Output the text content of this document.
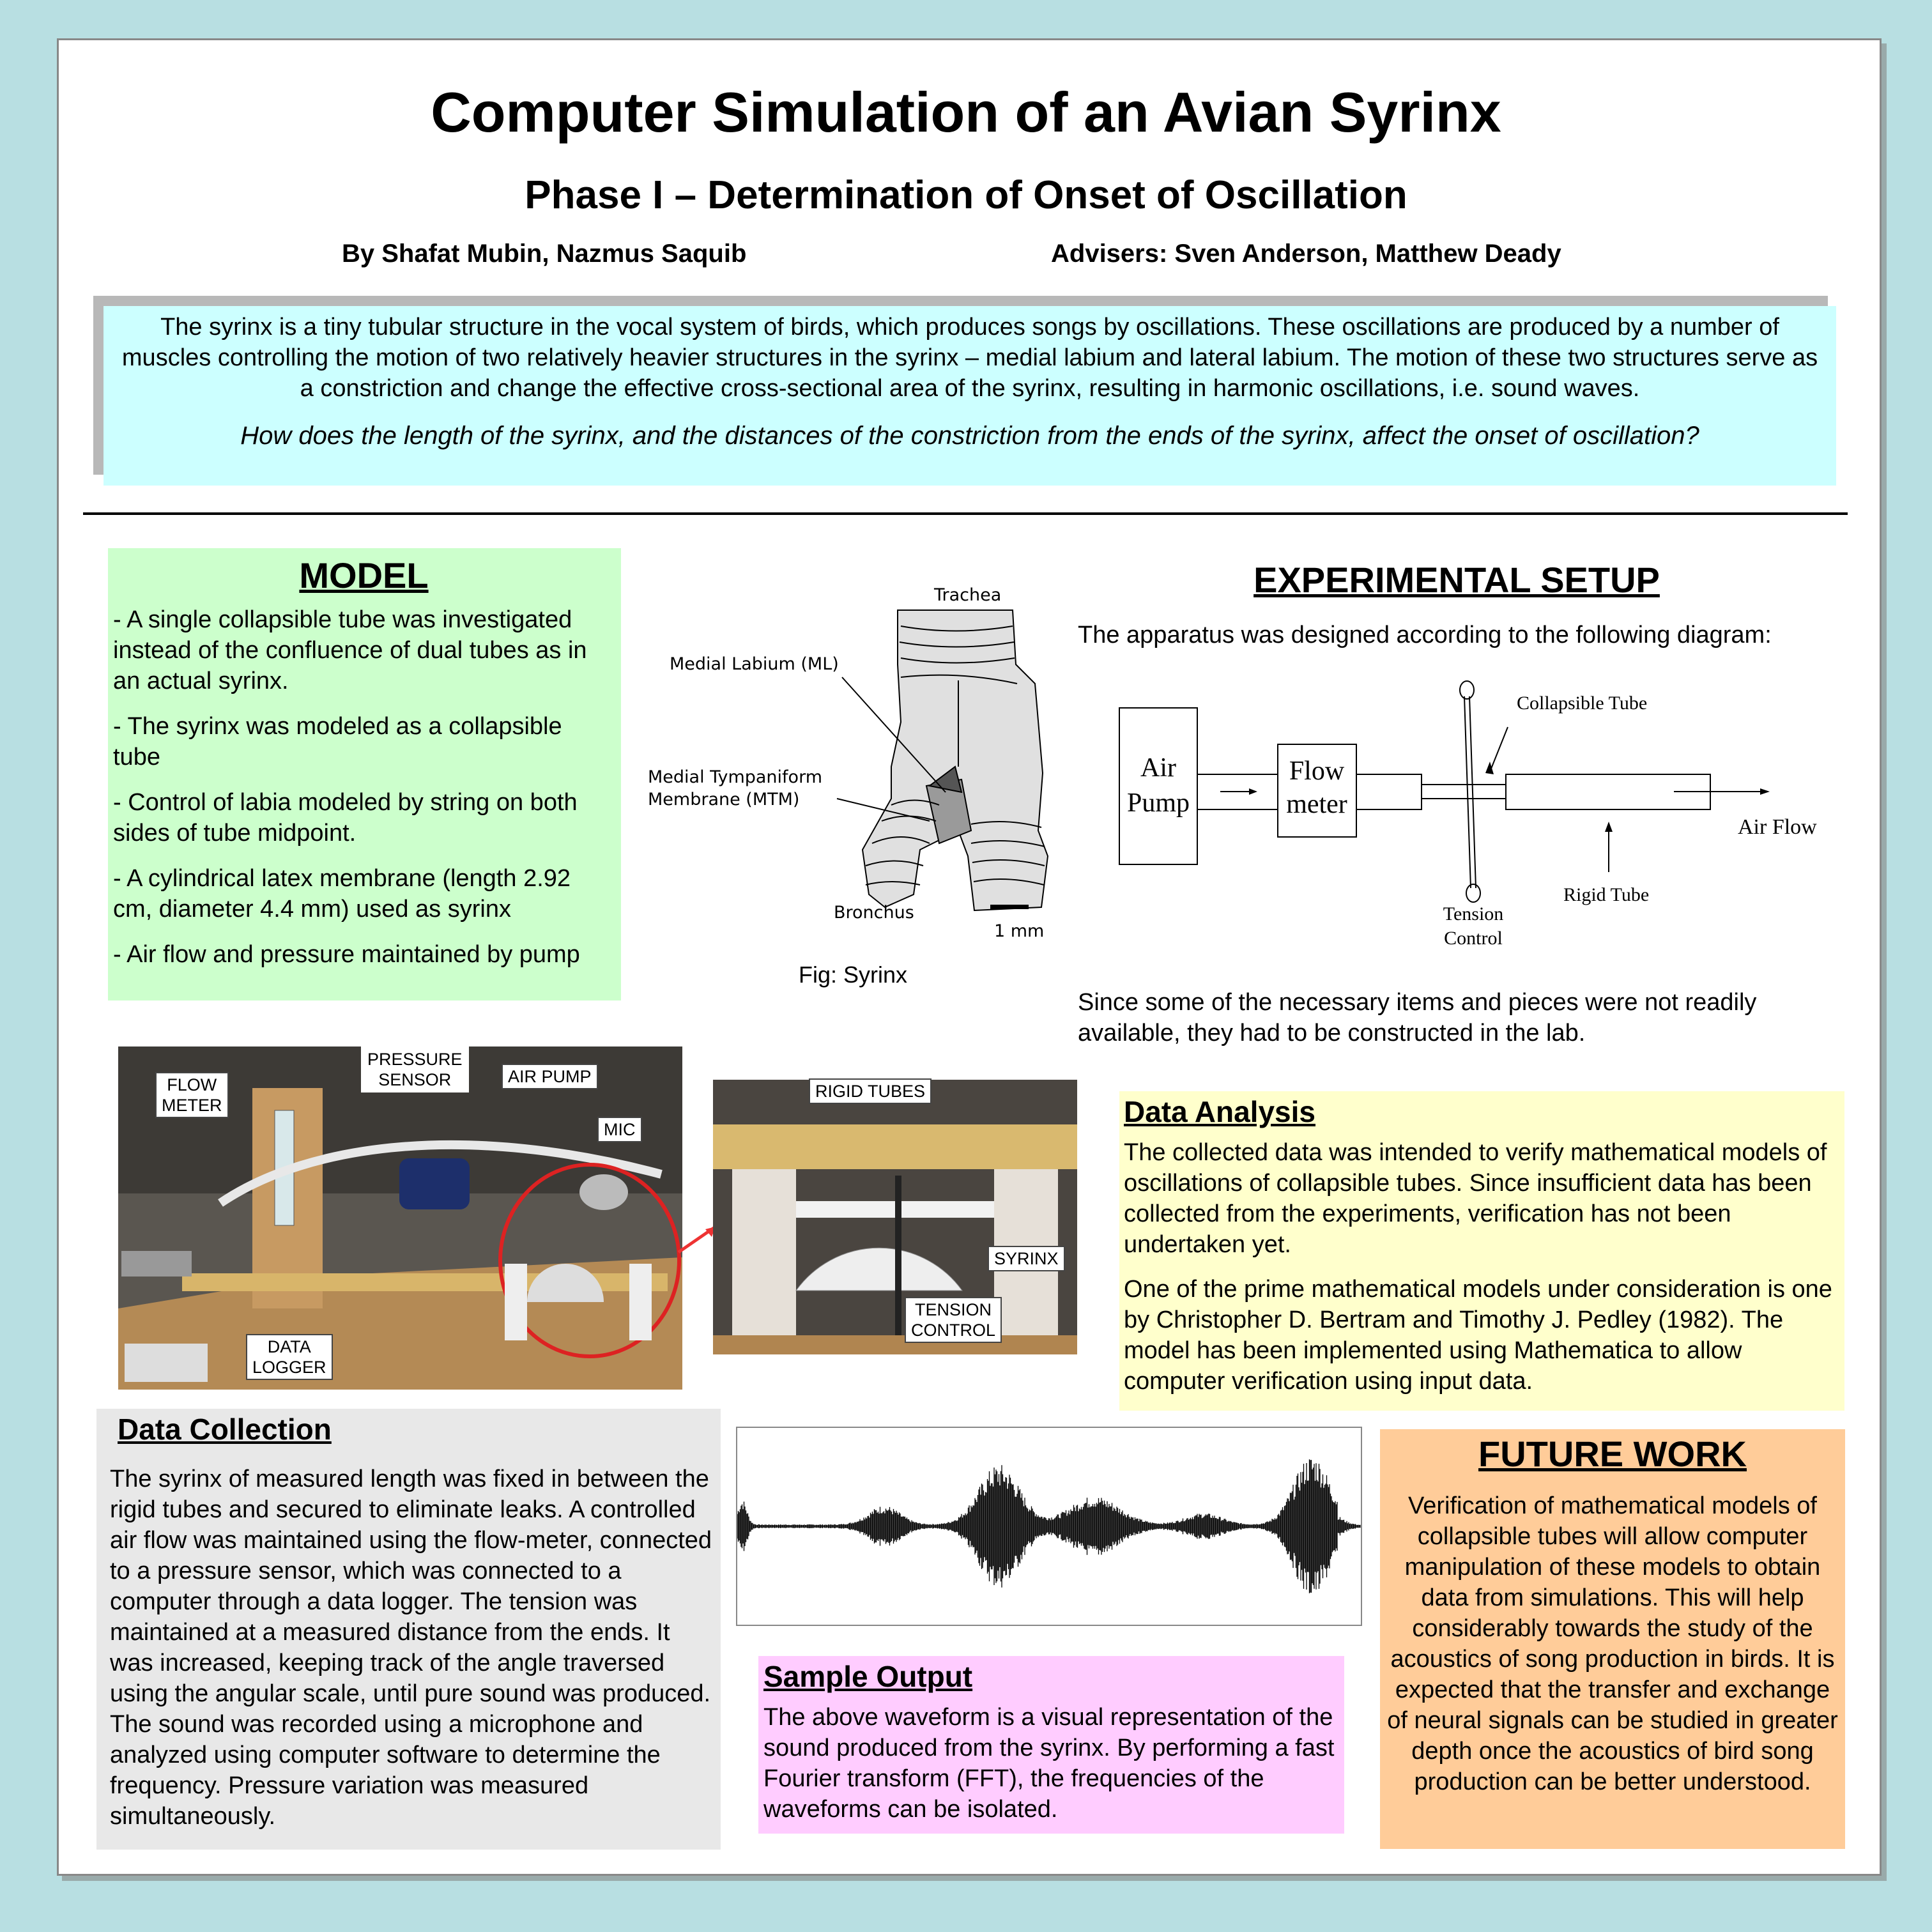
Computer Simulation of an Avian Syrinx
Phase I – Determination of Onset of Oscillation
By Shafat Mubin, Nazmus Saquib	Advisers: Sven Anderson, Matthew Deady
The syrinx is a tiny tubular structure in the vocal system of birds, which produces songs by oscillations. These oscillations are produced by a number of muscles controlling the motion of two relatively heavier structures in the syrinx – medial labium and lateral labium. The motion of these two structures serve as a constriction and change the effective cross-sectional area of the syrinx, resulting in harmonic oscillations, i.e. sound waves.
How does the length of the syrinx, and the distances of the constriction from the ends of the syrinx, affect the onset of oscillation?
MODEL

- A single collapsible tube was investigated instead of the confluence of dual tubes as in an actual syrinx.

- The syrinx was modeled as a collapsible tube

- Control of labia modeled by string on both sides of tube midpoint.

- A cylindrical latex membrane (length 2.92 cm, diameter 4.4 mm) used as syrinx

- Air flow and pressure maintained by pump

Trachea
Medial Labium (ML)
Medial Tympaniform
Membrane (MTM)
Bronchus
1 mm
Fig: Syrinx
EXPERIMENTAL SETUP
The apparatus was designed according to the following diagram:
Air
Pump
Flow
meter
Collapsible Tube
Air Flow
Rigid Tube
Tension
Control
Since some of the necessary items and pieces were not readily available, they had to be constructed in the lab.
FLOW
METER
PRESSURE
SENSOR	AIR PUMP
MIC
DATA
LOGGER
RIGID TUBES
SYRINX
TENSION
CONTROL
Data Analysis

The collected data was intended to verify mathematical models of oscillations of collapsible tubes. Since insufficient data has been collected from the experiments, verification has not been undertaken yet.

One of the prime mathematical models under consideration is one by Christopher D. Bertram and Timothy J. Pedley (1982). The model has been implemented using Mathematica to allow computer verification using input data.

Data Collection

The syrinx of measured length was fixed in between the rigid tubes and secured to eliminate leaks. A controlled air flow was maintained using the flow-meter, connected to a pressure sensor, which was connected to a computer through a data logger. The tension was maintained at a measured distance from the ends. It was increased, keeping track of the angle traversed using the angular scale, until pure sound was produced. The sound was recorded using a microphone and analyzed using computer software to determine the frequency. Pressure variation was measured simultaneously.

Sample Output

The above waveform is a visual representation of the sound produced from the syrinx. By performing a fast Fourier transform (FFT), the frequencies of the waveforms can be isolated.

FUTURE WORK

Verification of mathematical models of collapsible tubes will allow computer manipulation of these models to obtain data from simulations. This will help considerably towards the study of the acoustics of song production in birds. It is expected that the transfer and exchange of neural signals can be studied in greater depth once the acoustics of bird song production can be better understood.
